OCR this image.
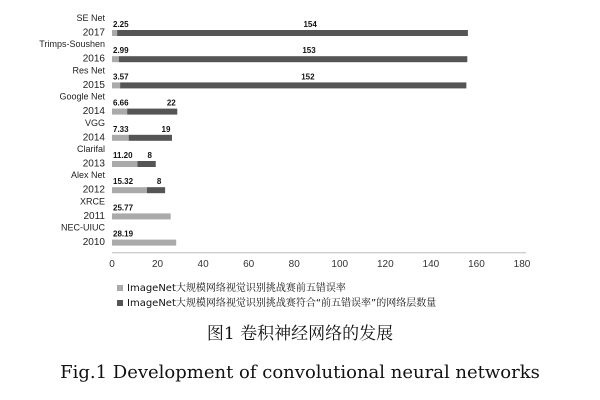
SE Net
2017
2.25	154
Trimps-Soushen
2016
2.99	153
Res Net
2015
3.57	152
Google Net
2014
6.66	22
VGG
2014
7.33	19
Clarifal
2013
11.20 8
Alex Net
2012
15.32	8
XRCE
2011
25.77
NEC-UIUC
2010
28.19
0	20	40	60	80	100	120	140	160	180
ImageNet大规模网络视觉识别挑战赛前五错误率
ImageNet大规模网络视觉识别挑战赛符合“前五错误率”的网络层数量
图1 卷积神经网络的发展
Fig.1 Development of convolutional neural networks
